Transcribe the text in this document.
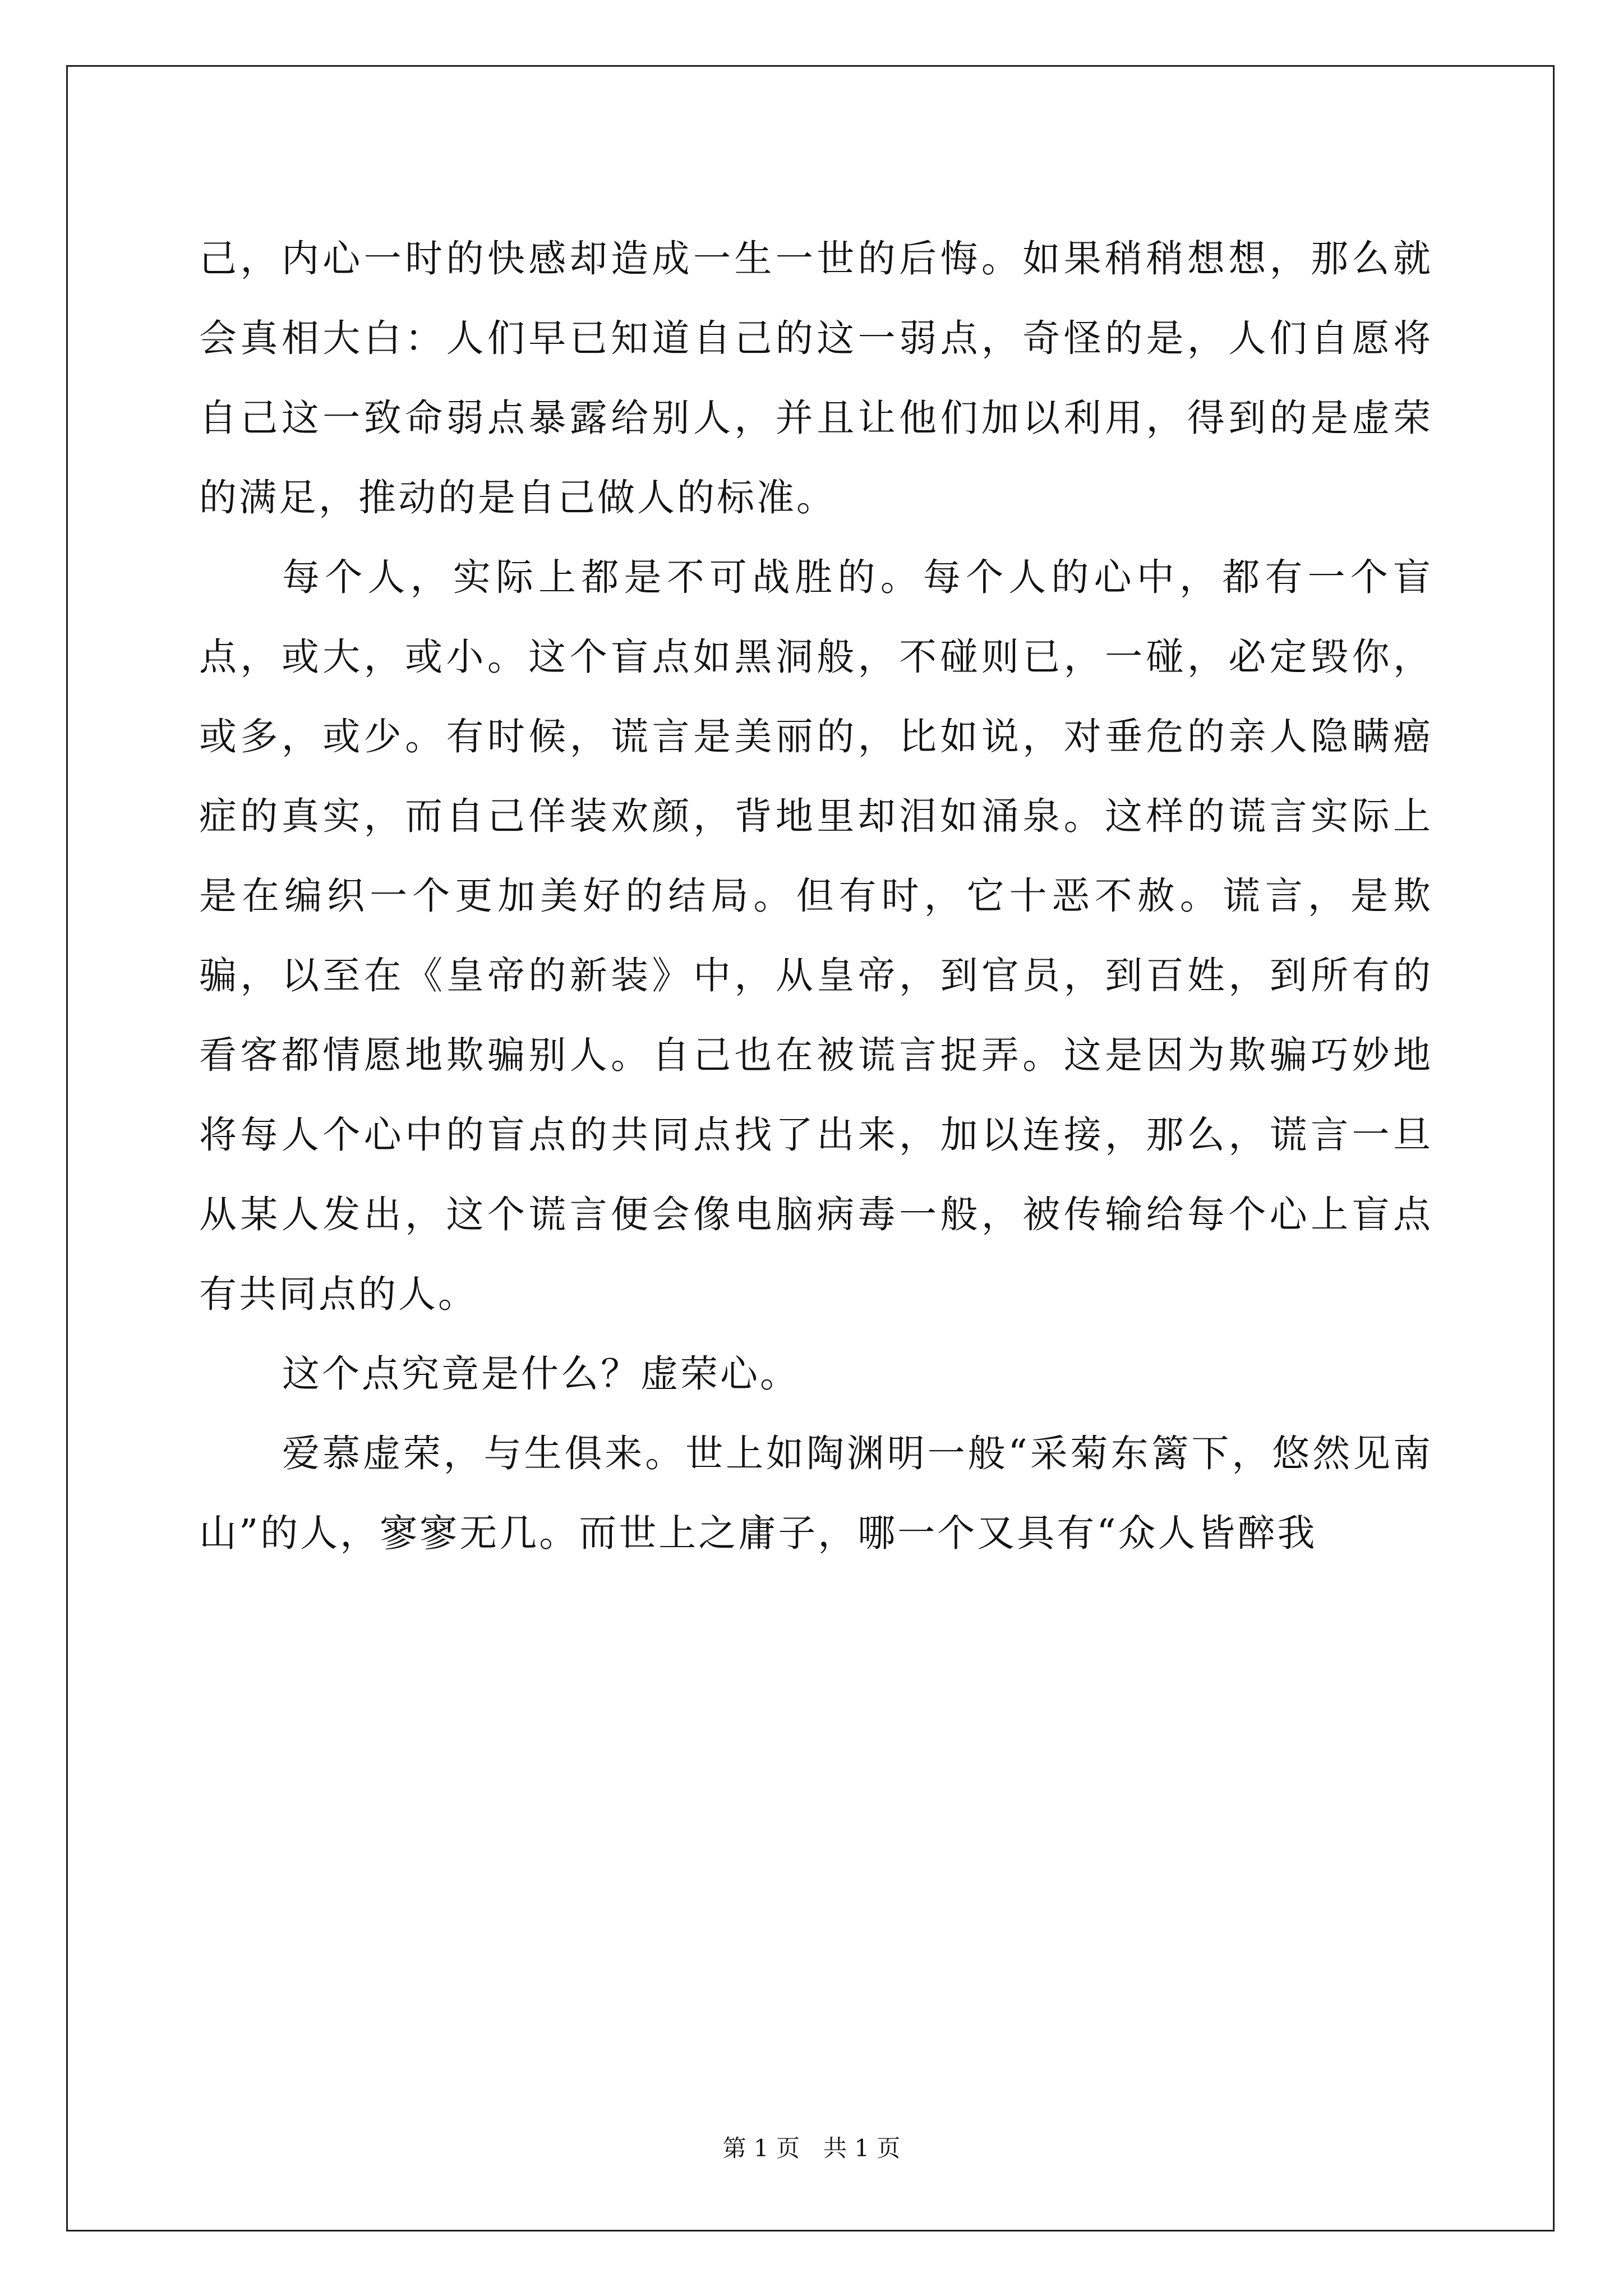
己，内心一时的快感却造成一生一世的后悔。如果稍稍想想，那么就会真相大白：人们早已知道自己的这一弱点，奇怪的是，人们自愿将自己这一致命弱点暴露给别人，并且让他们加以利用，得到的是虚荣的满足，推动的是自己做人的标准。

每个人，实际上都是不可战胜的。每个人的心中，都有一个盲点，或大，或小。这个盲点如黑洞般，不碰则已，一碰，必定毁你，或多，或少。有时候，谎言是美丽的，比如说，对垂危的亲人隐瞒癌症的真实，而自己佯装欢颜，背地里却泪如涌泉。这样的谎言实际上是在编织一个更加美好的结局。但有时，它十恶不赦。谎言，是欺骗，以至在《皇帝的新装》中，从皇帝，到官员，到百姓，到所有的看客都情愿地欺骗别人。自己也在被谎言捉弄。这是因为欺骗巧妙地将每人个心中的盲点的共同点找了出来，加以连接，那么，谎言一旦从某人发出，这个谎言便会像电脑病毒一般，被传输给每个心上盲点有共同点的人。

这个点究竟是什么？虚荣心。

爱慕虚荣，与生俱来。世上如陶渊明一般“采菊东篱下，悠然见南山”的人，寥寥无几。而世上之庸子，哪一个又具有“众人皆醉我

第 1 页　共 1 页
